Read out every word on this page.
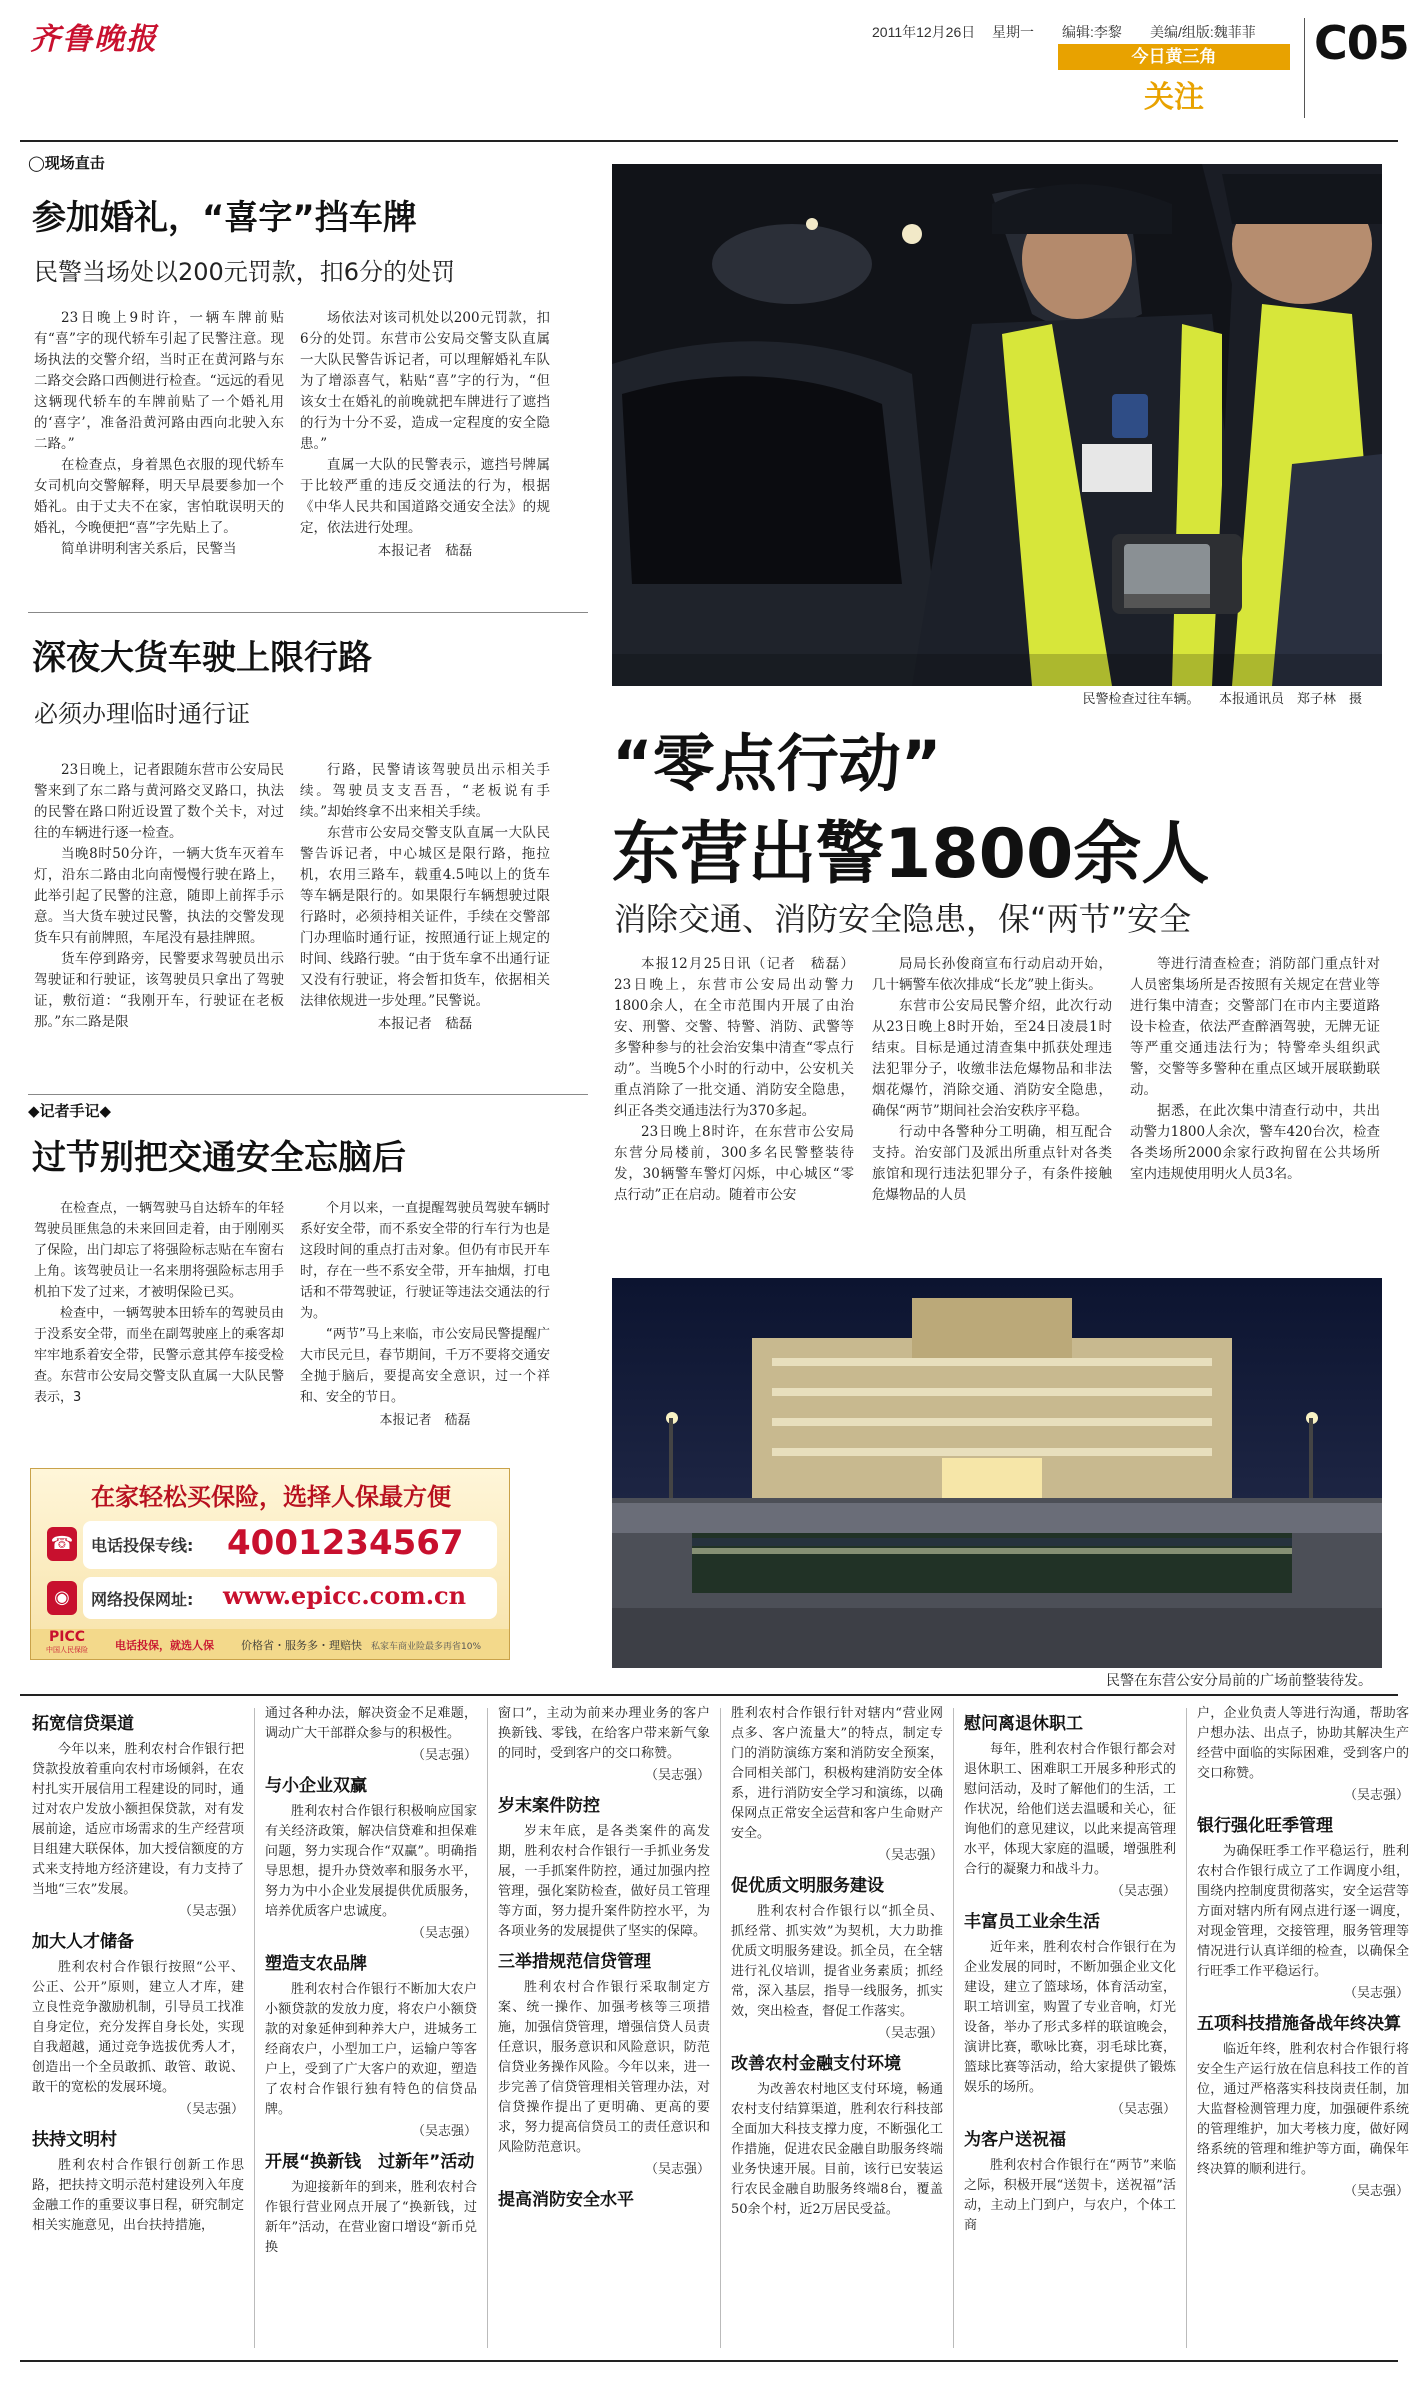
齐鲁晚报	2011年12月26日 星期一 编辑:李黎 美编/组版:魏菲菲
今日黄三角
关注
C05
◯现场直击
参加婚礼，“喜字”挡车牌
民警当场处以200元罚款，扣6分的处罚

23日晚上9时许，一辆车牌前贴有“喜”字的现代轿车引起了民警注意。现场执法的交警介绍，当时正在黄河路与东二路交会路口西侧进行检查。“远远的看见这辆现代轿车的车牌前贴了一个婚礼用的‘喜字’，准备沿黄河路由西向北驶入东二路。”

在检查点，身着黑色衣服的现代轿车女司机向交警解释，明天早晨要参加一个婚礼。由于丈夫不在家，害怕耽误明天的婚礼，今晚便把“喜”字先贴上了。

简单讲明利害关系后，民警当

场依法对该司机处以200元罚款，扣6分的处罚。东营市公安局交警支队直属一大队民警告诉记者，可以理解婚礼车队为了增添喜气，粘贴“喜”字的行为，“但该女士在婚礼的前晚就把车牌进行了遮挡的行为十分不妥，造成一定程度的安全隐患。”

直属一大队的民警表示，遮挡号牌属于比较严重的违反交通法的行为，根据《中华人民共和国道路交通安全法》的规定，依法进行处理。

本报记者　嵇磊

深夜大货车驶上限行路
必须办理临时通行证

23日晚上，记者跟随东营市公安局民警来到了东二路与黄河路交叉路口，执法的民警在路口附近设置了数个关卡，对过往的车辆进行逐一检查。

当晚8时50分许，一辆大货车灭着车灯，沿东二路由北向南慢慢行驶在路上，此举引起了民警的注意，随即上前挥手示意。当大货车驶过民警，执法的交警发现货车只有前牌照，车尾没有悬挂牌照。

货车停到路旁，民警要求驾驶员出示驾驶证和行驶证，该驾驶员只拿出了驾驶证，敷衍道：“我刚开车，行驶证在老板那。”东二路是限

行路，民警请该驾驶员出示相关手续。驾驶员支支吾吾，“老板说有手续。”却始终拿不出来相关手续。

东营市公安局交警支队直属一大队民警告诉记者，中心城区是限行路，拖拉机，农用三路车，载重4.5吨以上的货车等车辆是限行的。如果限行车辆想驶过限行路时，必须持相关证件，手续在交警部门办理临时通行证，按照通行证上规定的时间、线路行驶。“由于货车拿不出通行证又没有行驶证，将会暂扣货车，依据相关法律依规进一步处理。”民警说。

本报记者　嵇磊

◆记者手记◆
过节别把交通安全忘脑后

在检查点，一辆驾驶马自达轿车的年轻驾驶员匪焦急的未来回回走着，由于刚刚买了保险，出门却忘了将强险标志贴在车窗右上角。该驾驶员让一名来朋将强险标志用手机拍下发了过来，才被明保险已买。

检查中，一辆驾驶本田轿车的驾驶员由于没系安全带，而坐在副驾驶座上的乘客却牢牢地系着安全带，民警示意其停车接受检查。东营市公安局交警支队直属一大队民警表示，3

个月以来，一直提醒驾驶员驾驶车辆时系好安全带，而不系安全带的行车行为也是这段时间的重点打击对象。但仍有市民开车时，存在一些不系安全带，开车抽烟，打电话和不带驾驶证，行驶证等违法交通法的行为。

“两节”马上来临，市公安局民警提醒广大市民元旦，春节期间，千万不要将交通安全抛于脑后，要提高安全意识，过一个祥和、安全的节日。

本报记者　嵇磊

在家轻松买保险，选择人保最方便
☎ 电话投保专线: 4001234567
◉	网络投保网址: www.epicc.com.cn
PICC
中国人民保险	电话投保，就选人保 价格省・服务多・理赔快 私家车商业险最多再省10%
民警检查过往车辆。　　本报通讯员　郑子林　摄
“零点行动”
东营出警1800余人
消除交通、消防安全隐患，保“两节”安全

本报12月25日讯（记者　嵇磊）23日晚上，东营市公安局出动警力1800余人，在全市范围内开展了由治安、刑警、交警、特警、消防、武警等多警种参与的社会治安集中清查“零点行动”。当晚5个小时的行动中，公安机关重点消除了一批交通、消防安全隐患，纠正各类交通违法行为370多起。

23日晚上8时许，在东营市公安局东营分局楼前，300多名民警整装待发，30辆警车警灯闪烁，中心城区“零点行动”正在启动。随着市公安

局局长孙俊商宣布行动启动开始，几十辆警车依次排成“长龙”驶上街头。

东营市公安局民警介绍，此次行动从23日晚上8时开始，至24日凌晨1时结束。目标是通过清查集中抓获处理违法犯罪分子，收缴非法危爆物品和非法烟花爆竹，消除交通、消防安全隐患，确保“两节”期间社会治安秩序平稳。

行动中各警种分工明确，相互配合支持。治安部门及派出所重点针对各类旅馆和现行违法犯罪分子，有条件接触危爆物品的人员

等进行清查检查；消防部门重点针对人员密集场所是否按照有关规定在营业等进行集中清查；交警部门在市内主要道路设卡检查，依法严查醉酒驾驶，无牌无证等严重交通违法行为；特警牵头组织武警，交警等多警种在重点区域开展联勤联动。

据悉，在此次集中清查行动中，共出动警力1800人余次，警车420台次，检查各类场所2000余家行政拘留在公共场所室内违规使用明火人员3名。

民警在东营公安分局前的广场前整装待发。
拓宽信贷渠道

今年以来，胜利农村合作银行把贷款投放着重向农村市场倾斜，在农村扎实开展信用工程建设的同时，通过对农户发放小额担保贷款，对有发展前途，适应市场需求的生产经营项目组建大联保体，加大授信额度的方式来支持地方经济建设，有力支持了当地“三农”发展。

（吴志强）

加大人才储备

胜利农村合作银行按照“公平、公正、公开”原则，建立人才库，建立良性竞争激励机制，引导员工找准自身定位，充分发挥自身长处，实现自我超越，通过竞争选拔优秀人才，创造出一个全员敢抓、敢管、敢说、敢干的宽松的发展环境。

（吴志强）

扶持文明村

胜利农村合作银行创新工作思路，把扶持文明示范村建设列入年度金融工作的重要议事日程，研究制定相关实施意见，出台扶持措施，

通过各种办法，解决资金不足难题，调动广大干部群众参与的积极性。

（吴志强）

与小企业双赢

胜利农村合作银行积极响应国家有关经济政策，解决信贷难和担保难问题，努力实现合作“双赢”。明确指导思想，提升办贷效率和服务水平，努力为中小企业发展提供优质服务，培养优质客户忠诚度。

（吴志强）

塑造支农品牌

胜利农村合作银行不断加大农户小额贷款的发放力度，将农户小额贷款的对象延伸到种养大户，进城务工经商农户，小型加工户，运输户等客户上，受到了广大客户的欢迎，塑造了农村合作银行独有特色的信贷品牌。

（吴志强）

开展“换新钱　过新年”活动

为迎接新年的到来，胜利农村合作银行营业网点开展了“换新钱，过新年”活动，在营业窗口增设“新币兑换

窗口”，主动为前来办理业务的客户换新钱、零钱，在给客户带来新气象的同时，受到客户的交口称赞。

（吴志强）

岁末案件防控

岁末年底，是各类案件的高发期，胜利农村合作银行一手抓业务发展，一手抓案件防控，通过加强内控管理，强化案防检查，做好员工管理等方面，努力提升案件防控水平，为各项业务的发展提供了坚实的保障。

三举措规范信贷管理

胜利农村合作银行采取制定方案、统一操作、加强考核等三项措施，加强信贷管理，增强信贷人员责任意识，服务意识和风险意识，防范信贷业务操作风险。今年以来，进一步完善了信贷管理相关管理办法，对信贷操作提出了更明确、更高的要求，努力提高信贷员工的责任意识和风险防范意识。

（吴志强）

提高消防安全水平

胜利农村合作银行针对辖内“营业网点多、客户流量大”的特点，制定专门的消防演练方案和消防安全预案，合同相关部门，积极构建消防安全体系，进行消防安全学习和演练，以确保网点正常安全运营和客户生命财产安全。

（吴志强）

促优质文明服务建设

胜利农村合作银行以“抓全员、抓经常、抓实效”为契机，大力助推优质文明服务建设。抓全员，在全辖进行礼仪培训，提省业务素质；抓经常，深入基层，指导一线服务，抓实效，突出检查，督促工作落实。

（吴志强）

改善农村金融支付环境

为改善农村地区支付环境，畅通农村支付结算渠道，胜利农行科技部全面加大科技支撑力度，不断强化工作措施，促进农民金融自助服务终端业务快速开展。目前，该行已安装运行农民金融自助服务终端8台，覆盖50余个村，近2万居民受益。

慰问离退休职工

每年，胜利农村合作银行都会对退休职工、困难职工开展多种形式的慰问活动，及时了解他们的生活，工作状况，给他们送去温暖和关心，征询他们的意见建议，以此来提高管理水平，体现大家庭的温暖，增强胜利合行的凝聚力和战斗力。

（吴志强）

丰富员工业余生活

近年来，胜利农村合作银行在为企业发展的同时，不断加强企业文化建设，建立了篮球场，体育活动室，职工培训室，购置了专业音响，灯光设备，举办了形式多样的联谊晚会，演讲比赛，歌咏比赛，羽毛球比赛，篮球比赛等活动，给大家提供了锻炼娱乐的场所。

（吴志强）

为客户送祝福

胜利农村合作银行在“两节”来临之际，积极开展“送贺卡，送祝福”活动，主动上门到户，与农户，个体工商

户，企业负责人等进行沟通，帮助客户想办法、出点子，协助其解决生产经营中面临的实际困难，受到客户的交口称赞。

（吴志强）

银行强化旺季管理

为确保旺季工作平稳运行，胜利农村合作银行成立了工作调度小组，围绕内控制度贯彻落实，安全运营等方面对辖内所有网点进行逐一调度，对现金管理，交接管理，服务管理等情况进行认真详细的检查，以确保全行旺季工作平稳运行。

（吴志强）

五项科技措施备战年终决算

临近年终，胜利农村合作银行将安全生产运行放在信息科技工作的首位，通过严格落实科技岗责任制，加大监督检测管理力度，加强硬件系统的管理维护，加大考核力度，做好网络系统的管理和维护等方面，确保年终决算的顺利进行。

（吴志强）
